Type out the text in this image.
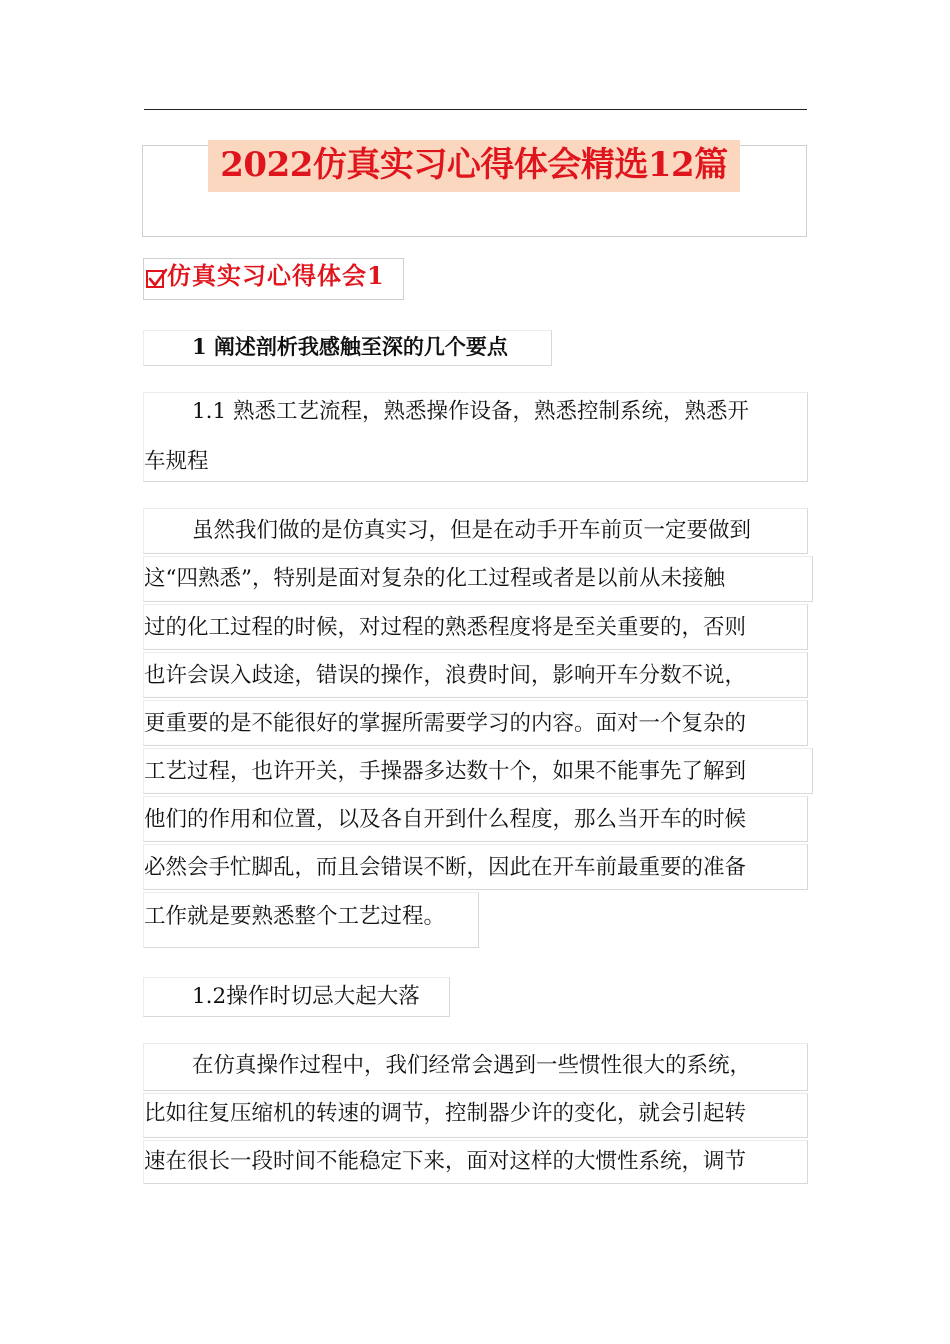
2022仿真实习心得体会精选12篇
仿真实习心得体会1
1 阐述剖析我感触至深的几个要点
1.1 熟悉工艺流程，熟悉操作设备，熟悉控制系统，熟悉开
车规程
虽然我们做的是仿真实习，但是在动手开车前页一定要做到
这“四熟悉”，特别是面对复杂的化工过程或者是以前从未接触
过的化工过程的时候，对过程的熟悉程度将是至关重要的，否则
也许会误入歧途，错误的操作，浪费时间，影响开车分数不说，
更重要的是不能很好的掌握所需要学习的内容。面对一个复杂的
工艺过程，也许开关，手操器多达数十个，如果不能事先了解到
他们的作用和位置，以及各自开到什么程度，那么当开车的时候
必然会手忙脚乱，而且会错误不断，因此在开车前最重要的准备
工作就是要熟悉整个工艺过程。
1.2操作时切忌大起大落
在仿真操作过程中，我们经常会遇到一些惯性很大的系统，
比如往复压缩机的转速的调节，控制器少许的变化，就会引起转
速在很长一段时间不能稳定下来，面对这样的大惯性系统，调节
